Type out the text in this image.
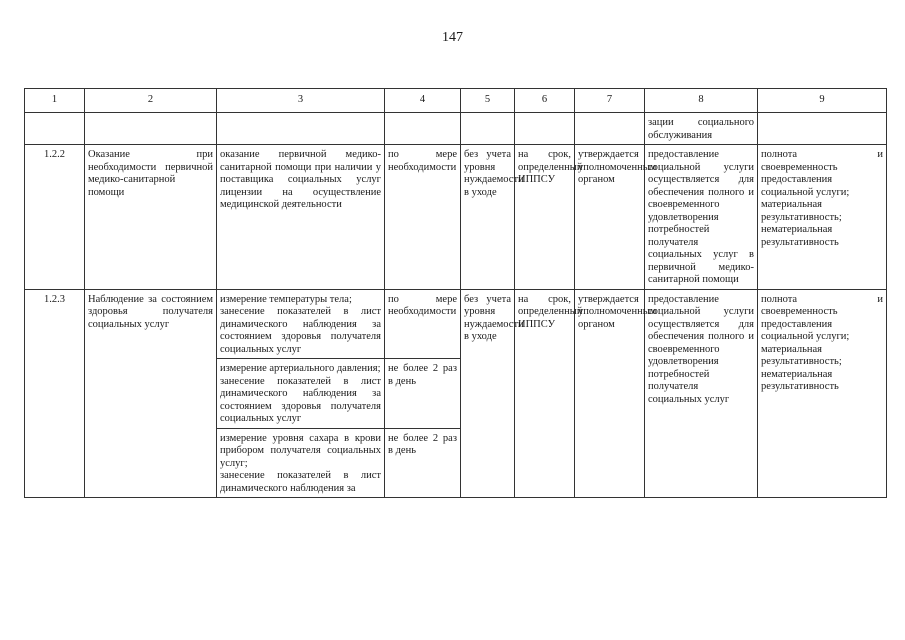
147
1	2	3	4	5	6	7	8	9
							зации социального обслуживания	
1.2.2	Оказание при необходимости первичной медико-санитарной помощи	оказание первичной медико-санитарной помощи при наличии у поставщика социальных услуг лицензии на осуществление медицинской деятельности	по мере необходимости	без учета уровня нуждаемости в уходе	на срок, определенный ИППСУ	утверждается уполномоченным органом	предоставление социальной услуги осуществляется для обеспечения полного и своевременного удовлетворения потребностей получателя социальных услуг в первичной медико-санитарной помощи	полнота и своевременность предоставления социальной услуги;
материальная результативность;
нематериальная результативность
1.2.3	Наблюдение за состоянием здоровья получателя социальных услуг	измерение температуры тела;
занесение показателей в лист динамического наблюдения за состоянием здоровья получателя социальных услуг	по мере необходимости	без учета уровня нуждаемости в уходе	на срок, определенный ИППСУ	утверждается уполномоченным органом	предоставление социальной услуги осуществляется для обеспечения полного и своевременного удовлетворения потребностей получателя социальных услуг	полнота и своевременность предоставления социальной услуги;
материальная результативность;
нематериальная результативность
		измерение артериального давления;
занесение показателей в лист динамического наблюдения за состоянием здоровья получателя социальных услуг	не более 2 раз в день					
		измерение уровня сахара в крови прибором получателя социальных услуг;
занесение показателей в лист динамического наблюдения за	не более 2 раз в день					
